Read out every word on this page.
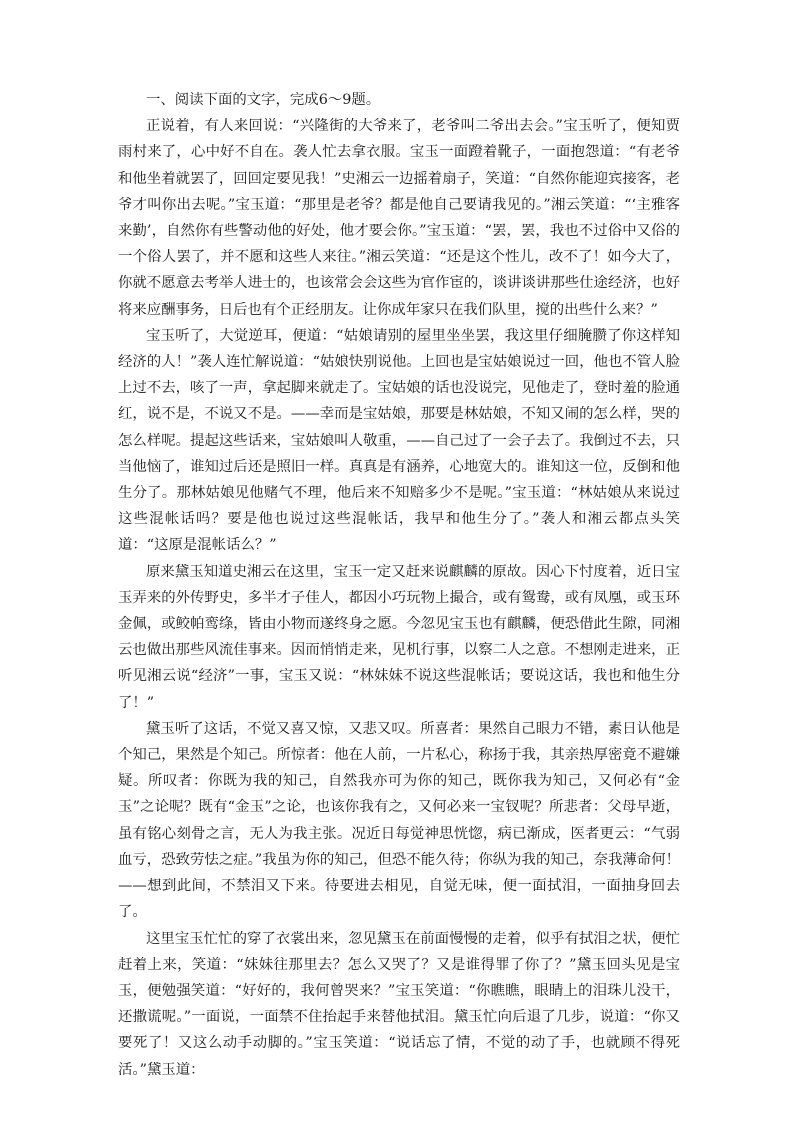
一、阅读下面的文字，完成6～9题。

正说着，有人来回说：“兴隆街的大爷来了，老爷叫二爷出去会。”宝玉听了，便知贾雨村来了，心中好不自在。袭人忙去拿衣服。宝玉一面蹬着靴子，一面抱怨道：“有老爷和他坐着就罢了，回回定要见我！”史湘云一边摇着扇子，笑道：“自然你能迎宾接客，老爷才叫你出去呢。”宝玉道：“那里是老爷？都是他自己要请我见的。”湘云笑道：“‘主雅客来勤’，自然你有些警动他的好处，他才要会你。”宝玉道：“罢，罢，我也不过俗中又俗的一个俗人罢了，并不愿和这些人来往。”湘云笑道：“还是这个性儿，改不了！如今大了，你就不愿意去考举人进士的，也该常会会这些为官作宦的，谈讲谈讲那些仕途经济，也好将来应酬事务，日后也有个正经朋友。让你成年家只在我们队里，搅的出些什么来？”

宝玉听了，大觉逆耳，便道：“姑娘请别的屋里坐坐罢，我这里仔细腌臜了你这样知经济的人！”袭人连忙解说道：“姑娘快别说他。上回也是宝姑娘说过一回，他也不管人脸上过不去，咳了一声，拿起脚来就走了。宝姑娘的话也没说完，见他走了，登时羞的脸通红，说不是，不说又不是。——幸而是宝姑娘，那要是林姑娘，不知又闹的怎么样，哭的怎么样呢。提起这些话来，宝姑娘叫人敬重，——自己过了一会子去了。我倒过不去，只当他恼了，谁知过后还是照旧一样。真真是有涵养，心地宽大的。谁知这一位，反倒和他生分了。那林姑娘见他赌气不理，他后来不知赔多少不是呢。”宝玉道：“林姑娘从来说过这些混帐话吗？要是他也说过这些混帐话，我早和他生分了。”袭人和湘云都点头笑道：“这原是混帐话么？”

原来黛玉知道史湘云在这里，宝玉一定又赶来说麒麟的原故。因心下忖度着，近日宝玉弄来的外传野史，多半才子佳人，都因小巧玩物上撮合，或有鸳鸯，或有凤凰，或玉环金佩，或鲛帕鸾绦，皆由小物而遂终身之愿。今忽见宝玉也有麒麟，便恐借此生隙，同湘云也做出那些风流佳事来。因而悄悄走来，见机行事，以察二人之意。不想刚走进来，正听见湘云说“经济”一事，宝玉又说：“林妹妹不说这些混帐话；要说这话，我也和他生分了！”

黛玉听了这话，不觉又喜又惊，又悲又叹。所喜者：果然自己眼力不错，素日认他是个知己，果然是个知己。所惊者：他在人前，一片私心，称扬于我，其亲热厚密竟不避嫌疑。所叹者：你既为我的知己，自然我亦可为你的知己，既你我为知己，又何必有“金玉”之论呢？既有“金玉”之论，也该你我有之，又何必来一宝钗呢？所悲者：父母早逝，虽有铭心刻骨之言，无人为我主张。况近日每觉神思恍惚，病已渐成，医者更云：“气弱血亏，恐致劳怯之症。”我虽为你的知己，但恐不能久待；你纵为我的知己，奈我薄命何！——想到此间，不禁泪又下来。待要进去相见，自觉无味，便一面拭泪，一面抽身回去了。

这里宝玉忙忙的穿了衣裳出来，忽见黛玉在前面慢慢的走着，似乎有拭泪之状，便忙赶着上来，笑道：“妹妹往那里去？怎么又哭了？又是谁得罪了你了？”黛玉回头见是宝玉，便勉强笑道：“好好的，我何曾哭来？”宝玉笑道：“你瞧瞧，眼睛上的泪珠儿没干，还撒谎呢。”一面说，一面禁不住抬起手来替他拭泪。黛玉忙向后退了几步，说道：“你又要死了！又这么动手动脚的。”宝玉笑道：“说话忘了情，不觉的动了手，也就顾不得死活。”黛玉道：
